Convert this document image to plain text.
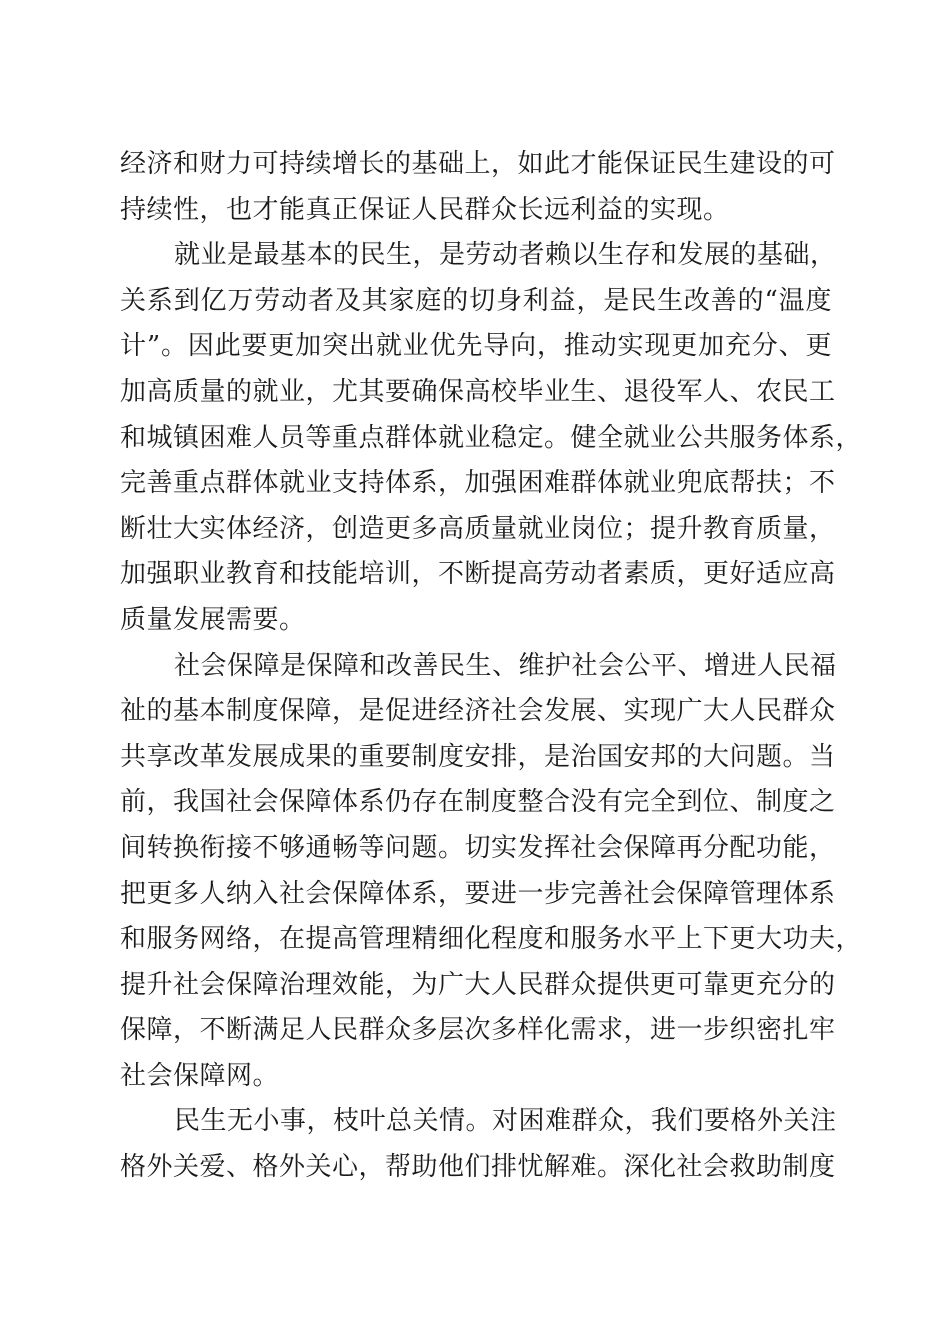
经济和财力可持续增长的基础上，如此才能保证民生建设的可
持续性，也才能真正保证人民群众长远利益的实现。
就业是最基本的民生，是劳动者赖以生存和发展的基础，
关系到亿万劳动者及其家庭的切身利益，是民生改善的“温度
计”。因此要更加突出就业优先导向，推动实现更加充分、更
加高质量的就业，尤其要确保高校毕业生、退役军人、农民工
和城镇困难人员等重点群体就业稳定。健全就业公共服务体系，
完善重点群体就业支持体系，加强困难群体就业兜底帮扶；不
断壮大实体经济，创造更多高质量就业岗位；提升教育质量，
加强职业教育和技能培训，不断提高劳动者素质，更好适应高
质量发展需要。
社会保障是保障和改善民生、维护社会公平、增进人民福
祉的基本制度保障，是促进经济社会发展、实现广大人民群众
共享改革发展成果的重要制度安排，是治国安邦的大问题。当
前，我国社会保障体系仍存在制度整合没有完全到位、制度之
间转换衔接不够通畅等问题。切实发挥社会保障再分配功能，
把更多人纳入社会保障体系，要进一步完善社会保障管理体系
和服务网络，在提高管理精细化程度和服务水平上下更大功夫，
提升社会保障治理效能，为广大人民群众提供更可靠更充分的
保障，不断满足人民群众多层次多样化需求，进一步织密扎牢
社会保障网。
民生无小事，枝叶总关情。对困难群众，我们要格外关注
格外关爱、格外关心，帮助他们排忧解难。深化社会救助制度
